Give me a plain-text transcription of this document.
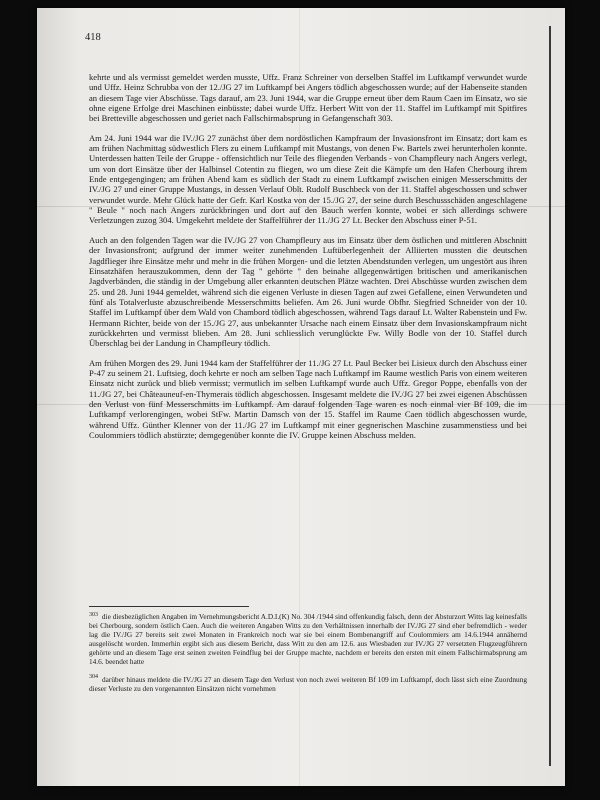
418

kehrte und als vermisst gemeldet werden musste, Uffz. Franz Schreiner von derselben Staffel im Luftkampf verwundet wurde und Uffz. Heinz Schrubba von der 12./JG 27 im Luftkampf bei Angers tödlich abgeschossen wurde; auf der Habenseite standen an diesem Tage vier Abschüsse. Tags darauf, am 23. Juni 1944, war die Gruppe erneut über dem Raum Caen im Einsatz, wo sie ohne eigene Erfolge drei Maschinen einbüsste; dabei wurde Uffz. Herbert Witt von der 11. Staffel im Luftkampf mit Spitfires bei Bretteville abgeschossen und geriet nach Fallschirmabsprung in Gefangenschaft 303.

Am 24. Juni 1944 war die IV./JG 27 zunächst über dem nordöstlichen Kampfraum der Invasionsfront im Einsatz; dort kam es am frühen Nachmittag südwestlich Flers zu einem Luftkampf mit Mustangs, von denen Fw. Bartels zwei herunterholen konnte. Unterdessen hatten Teile der Gruppe - offensichtlich nur Teile des fliegenden Verbands - von Champfleury nach Angers verlegt, um von dort Einsätze über der Halbinsel Cotentin zu fliegen, wo um diese Zeit die Kämpfe um den Hafen Cherbourg ihrem Ende entgegengingen; am frühen Abend kam es südlich der Stadt zu einem Luftkampf zwischen einigen Messerschmitts der IV./JG 27 und einer Gruppe Mustangs, in dessen Verlauf Oblt. Rudolf Buschbeck von der 11. Staffel abgeschossen und schwer verwundet wurde. Mehr Glück hatte der Gefr. Karl Kostka von der 15./JG 27, der seine durch Beschussschäden angeschlagene " Beule " noch nach Angers zurückbringen und dort auf den Bauch werfen konnte, wobei er sich allerdings schwere Verletzungen zuzog 304. Umgekehrt meldete der Staffelführer der 11./JG 27 Lt. Becker den Abschuss einer P-51.

Auch an den folgenden Tagen war die IV./JG 27 von Champfleury aus im Einsatz über dem östlichen und mittleren Abschnitt der Invasionsfront; aufgrund der immer weiter zunehmenden Luftüberlegenheit der Alliierten mussten die deutschen Jagdflieger ihre Einsätze mehr und mehr in die frühen Morgen- und die letzten Abendstunden verlegen, um ungestört aus ihren Einsatzhäfen herauszukommen, denn der Tag " gehörte " den beinahe allgegenwärtigen britischen und amerikanischen Jagdverbänden, die ständig in der Umgebung aller erkannten deutschen Plätze wachten. Drei Abschüsse wurden zwischen dem 25. und 28. Juni 1944 gemeldet, während sich die eigenen Verluste in diesen Tagen auf zwei Gefallene, einen Verwundeten und fünf als Totalverluste abzuschreibende Messerschmitts beliefen. Am 26. Juni wurde Obfhr. Siegfried Schneider von der 10. Staffel im Luftkampf über dem Wald von Chambord tödlich abgeschossen, während Tags darauf Lt. Walter Rabenstein und Fw. Hermann Richter, beide von der 15./JG 27, aus unbekannter Ursache nach einem Einsatz über dem Invasionskampfraum nicht zurückkehrten und vermisst blieben. Am 28. Juni schliesslich verunglückte Fw. Willy Bodle von der 10. Staffel durch Überschlag bei der Landung in Champfleury tödlich.

Am frühen Morgen des 29. Juni 1944 kam der Staffelführer der 11./JG 27 Lt. Paul Becker bei Lisieux durch den Abschuss einer P-47 zu seinem 21. Luftsieg, doch kehrte er noch am selben Tage nach Luftkampf im Raume westlich Paris von einem weiteren Einsatz nicht zurück und blieb vermisst; vermutlich im selben Luftkampf wurde auch Uffz. Gregor Poppe, ebenfalls von der 11./JG 27, bei Châteauneuf-en-Thymerais tödlich abgeschossen. Insgesamt meldete die IV./JG 27 bei zwei eigenen Abschüssen den Verlust von fünf Messerschmitts im Luftkampf. Am darauf folgenden Tage waren es noch einmal vier Bf 109, die im Luftkampf verlorengingen, wobei StFw. Martin Damsch von der 15. Staffel im Raume Caen tödlich abgeschossen wurde, während Uffz. Günther Klenner von der 11./JG 27 im Luftkampf mit einer gegnerischen Maschine zusammenstiess und bei Coulommiers tödlich abstürzte; demgegenüber konnte die IV. Gruppe keinen Abschuss melden.

$^{303}$ die diesbezüglichen Angaben im Vernehmungsbericht A.D.I.(K) No. 304 /1944 sind offenkundig falsch, denn der Absturzort Witts lag keinesfalls bei Cherbourg, sondern östlich Caen. Auch die weiteren Angaben Witts zu den Verhältnissen innerhalb der IV./JG 27 sind eher befremdlich - weder lag die IV./JG 27 bereits seit zwei Monaten in Frankreich noch war sie bei einem Bombenangriff auf Coulommiers am 14.6.1944 annähernd ausgelöscht worden. Immerhin ergibt sich aus diesem Bericht, dass Witt zu den am 12.6. aus Wiesbaden zur IV./JG 27 versetzten Flugzeugführern gehörte und an diesem Tage erst seinen zweiten Feindflug bei der Gruppe machte, nachdem er bereits den ersten mit einem Fallschirmabsprung am 14.6. beendet hatte
$^{304}$ darüber hinaus meldete die IV./JG 27 an diesem Tage den Verlust von noch zwei weiteren Bf 109 im Luftkampf, doch lässt sich eine Zuordnung dieser Verluste zu den vorgenannten Einsätzen nicht vornehmen
